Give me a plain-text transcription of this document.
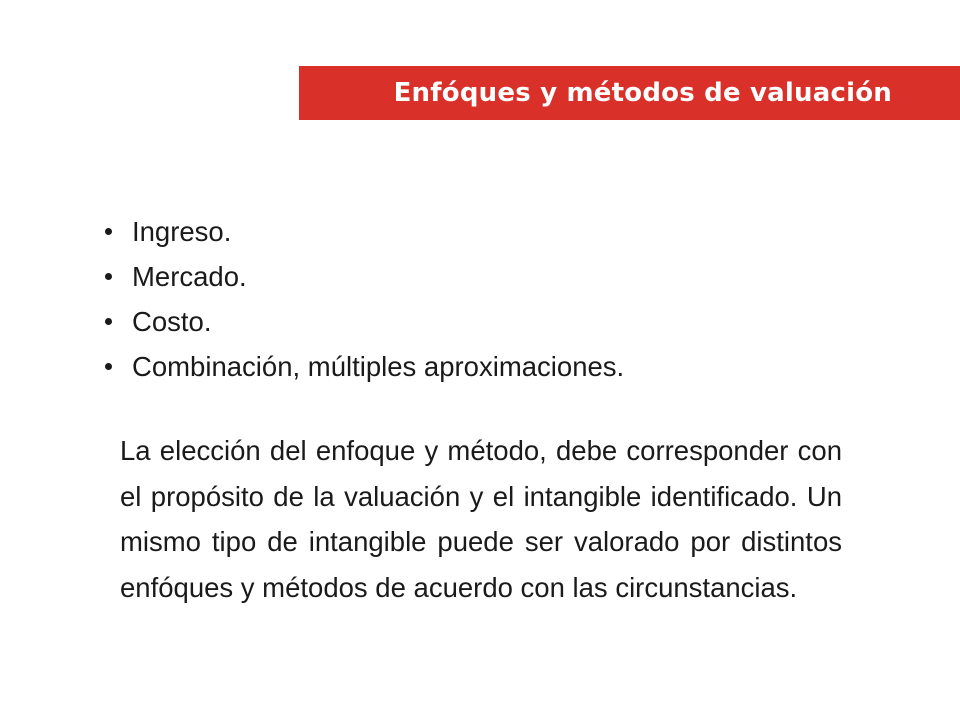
Enfóques y métodos de valuación
Ingreso.
Mercado.
Costo.
Combinación, múltiples aproximaciones.

La elección del enfoque y método, debe corresponder con el propósito de la valuación y el intangible identificado. Un mismo tipo de intangible puede ser valorado por distintos enfóques y métodos de acuerdo con las circunstancias.
